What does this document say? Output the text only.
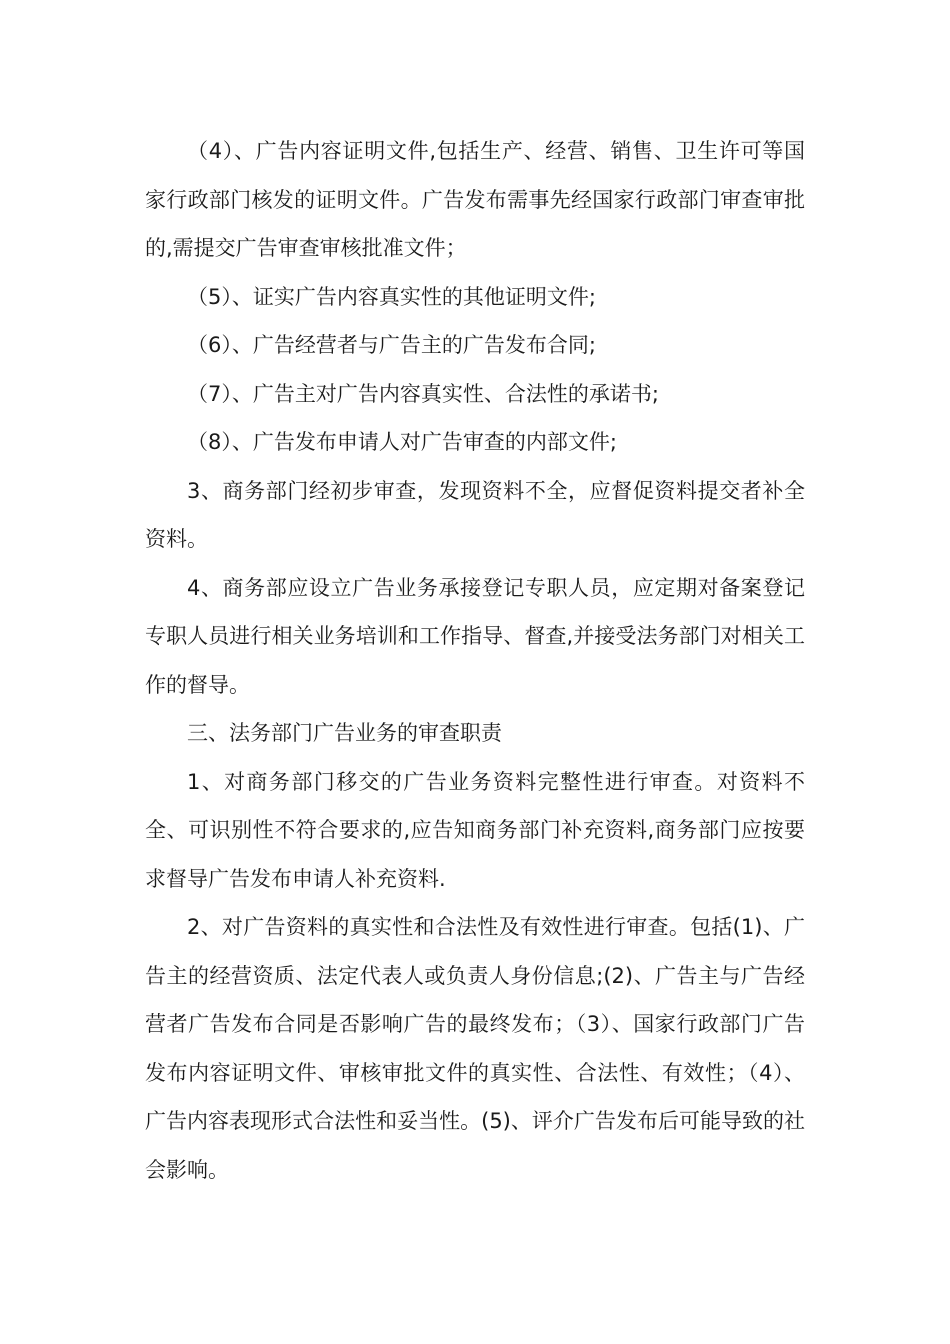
（4）、广告内容证明文件,包括生产、经营、销售、卫生许可等国家行政部门核发的证明文件。广告发布需事先经国家行政部门审查审批的,需提交广告审查审核批准文件；

（5）、证实广告内容真实性的其他证明文件;

（6）、广告经营者与广告主的广告发布合同;

（7）、广告主对广告内容真实性、合法性的承诺书;

（8）、广告发布申请人对广告审查的内部文件;

3、商务部门经初步审查，发现资料不全，应督促资料提交者补全资料。

4、商务部应设立广告业务承接登记专职人员，应定期对备案登记专职人员进行相关业务培训和工作指导、督查,并接受法务部门对相关工作的督导。

三、法务部门广告业务的审查职责

1、对商务部门移交的广告业务资料完整性进行审查。对资料不全、可识别性不符合要求的,应告知商务部门补充资料,商务部门应按要求督导广告发布申请人补充资料.

2、对广告资料的真实性和合法性及有效性进行审查。包括(1)、广告主的经营资质、法定代表人或负责人身份信息;(2)、广告主与广告经营者广告发布合同是否影响广告的最终发布；（3）、国家行政部门广告发布内容证明文件、审核审批文件的真实性、合法性、有效性；（4）、广告内容表现形式合法性和妥当性。(5)、评介广告发布后可能导致的社会影响。
